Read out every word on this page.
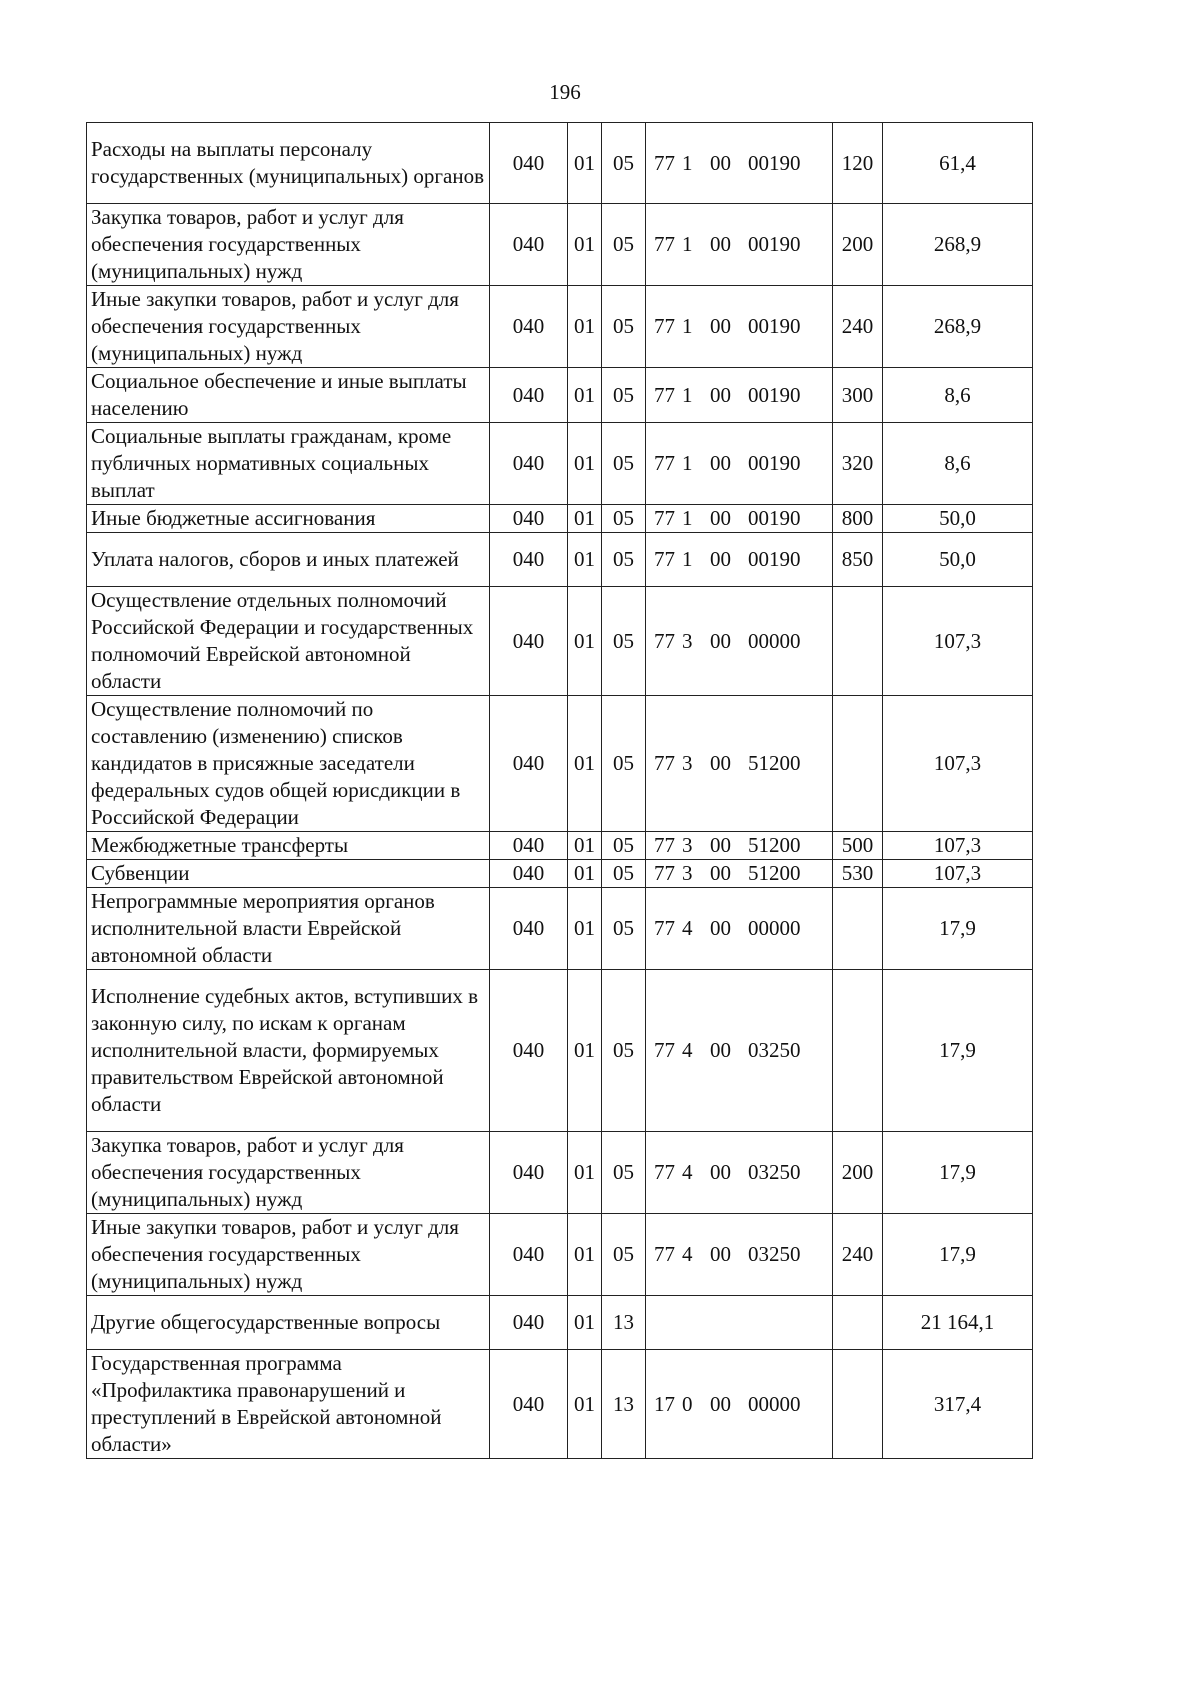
196
Расходы на выплаты персоналу государственных (муниципальных) органов	040	01	05	77 1 00 00190	120	61,4
Закупка товаров, работ и услуг для обеспечения государственных (муниципальных) нужд	040	01	05	77 1 00 00190	200	268,9
Иные закупки товаров, работ и услуг для обеспечения государственных (муниципальных) нужд	040	01	05	77 1 00 00190	240	268,9
Социальное обеспечение и иные выплаты населению	040	01	05	77 1 00 00190	300	8,6
Социальные выплаты гражданам, кроме публичных нормативных социальных выплат	040	01	05	77 1 00 00190	320	8,6
Иные бюджетные ассигнования	040	01	05	77 1 00 00190	800	50,0
Уплата налогов, сборов и иных платежей	040	01	05	77 1 00 00190	850	50,0
Осуществление отдельных полномочий Российской Федерации и государственных полномочий Еврейской автономной области	040	01	05	77 3 00 00000		107,3
Осуществление полномочий по составлению (изменению) списков кандидатов в присяжные заседатели федеральных судов общей юрисдикции в Российской Федерации	040	01	05	77 3 00 51200		107,3
Межбюджетные трансферты	040	01	05	77 3 00 51200	500	107,3
Субвенции	040	01	05	77 3 00 51200	530	107,3
Непрограммные мероприятия органов исполнительной власти Еврейской автономной области	040	01	05	77 4 00 00000		17,9
Исполнение судебных актов, вступивших в законную силу, по искам к органам исполнительной власти, формируемых правительством Еврейской автономной области	040	01	05	77 4 00 03250		17,9
Закупка товаров, работ и услуг для обеспечения государственных (муниципальных) нужд	040	01	05	77 4 00 03250	200	17,9
Иные закупки товаров, работ и услуг для обеспечения государственных (муниципальных) нужд	040	01	05	77 4 00 03250	240	17,9
Другие общегосударственные вопросы	040	01	13			21 164,1
Государственная программа «Профилактика правонарушений и преступлений в Еврейской автономной области»	040	01	13	17 0 00 00000		317,4
